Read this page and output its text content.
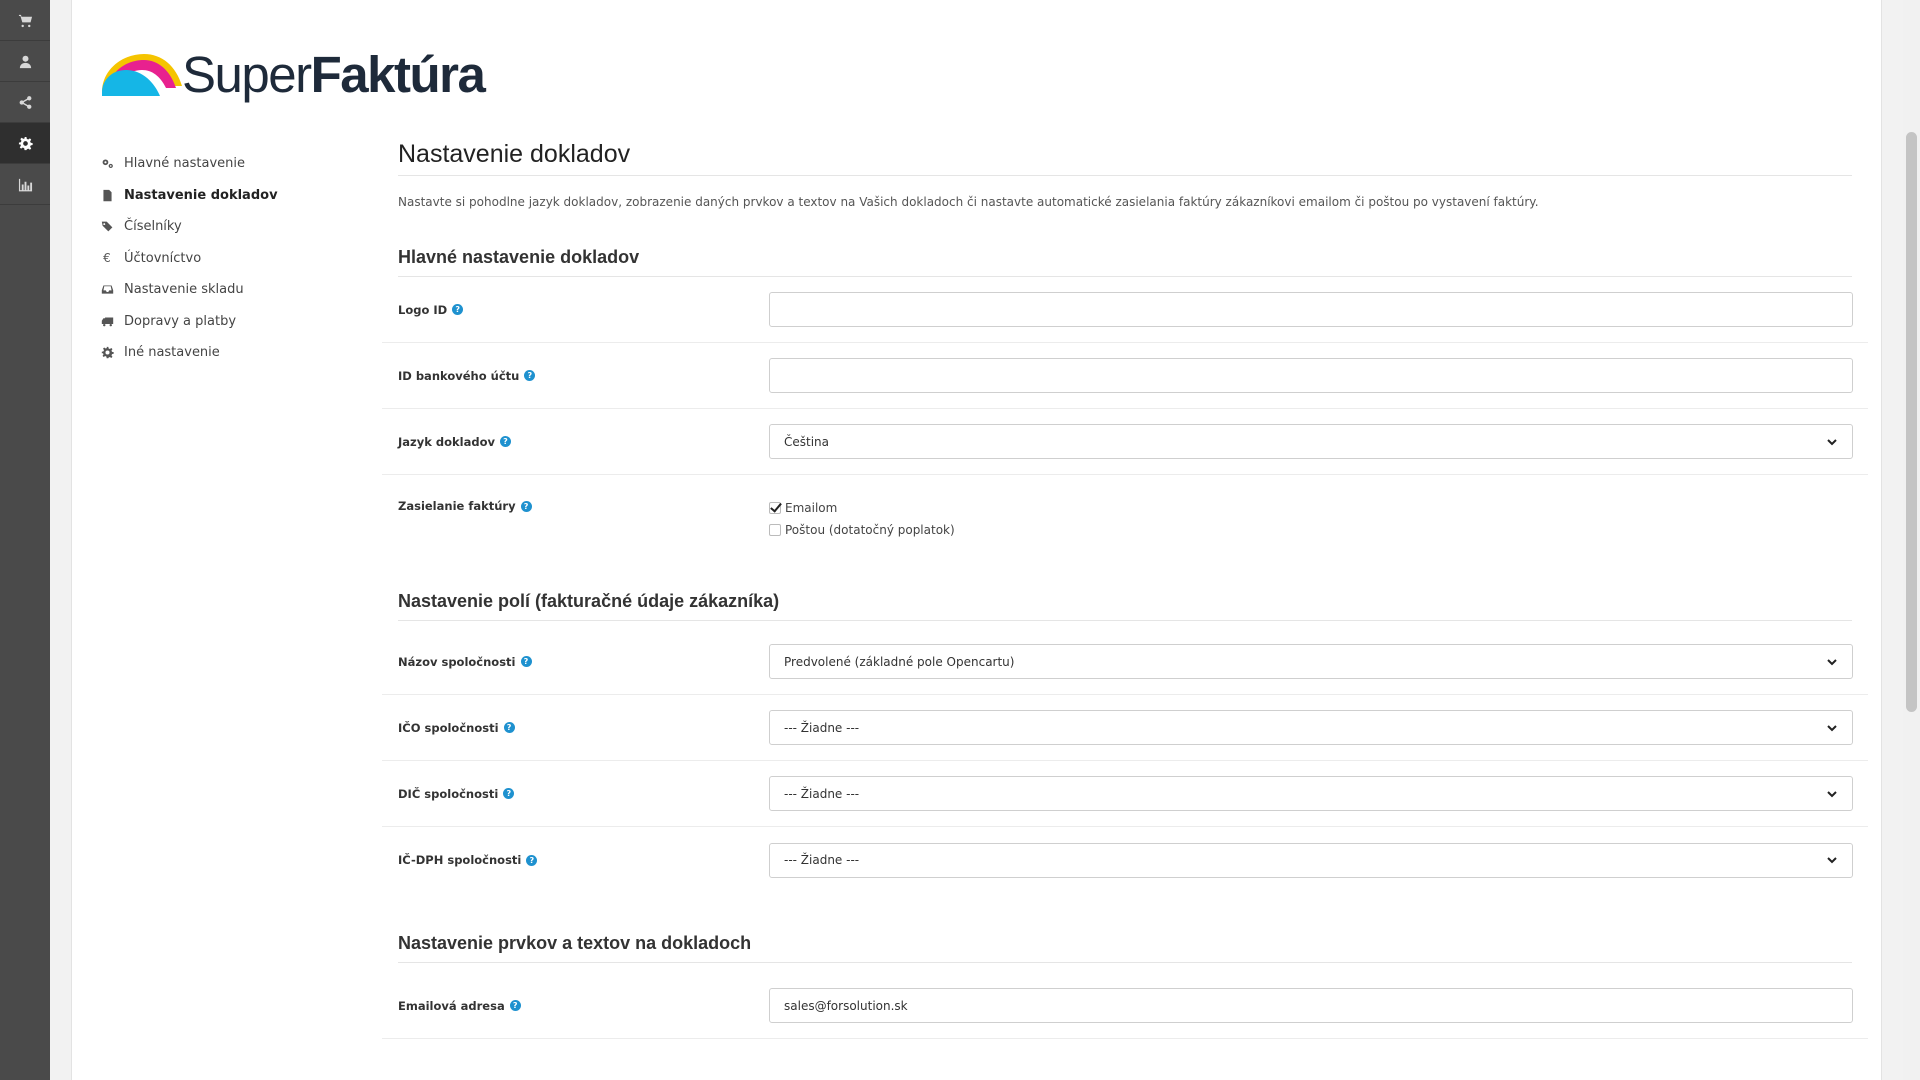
SuperFaktúra
Hlavné nastavenie
Nastavenie dokladov
Číselníky
€ Účtovníctvo
Nastavenie skladu
Dopravy a platby
Iné nastavenie
Nastavenie dokladov

Nastavte si pohodlne jazyk dokladov, zobrazenie daných prvkov a textov na Vašich dokladoch či nastavte automatické zasielania faktúry zákazníkovi emailom či poštou po vystavení faktúry.

Hlavné nastavenie dokladov
Logo ID	?
ID bankového účtu	?
Jazyk dokladov	?	Čeština
Zasielanie faktúry	?	Emailom
Poštou (dotatočný poplatok)
Nastavenie polí (fakturačné údaje zákazníka)
Názov spoločnosti	?	Predvolené (základné pole Opencartu)
IČO spoločnosti	?	--- Žiadne ---
DIČ spoločnosti	?	--- Žiadne ---
IČ-DPH spoločnosti	?	--- Žiadne ---
Nastavenie prvkov a textov na dokladoch
Emailová adresa	?	sales@forsolution.sk
